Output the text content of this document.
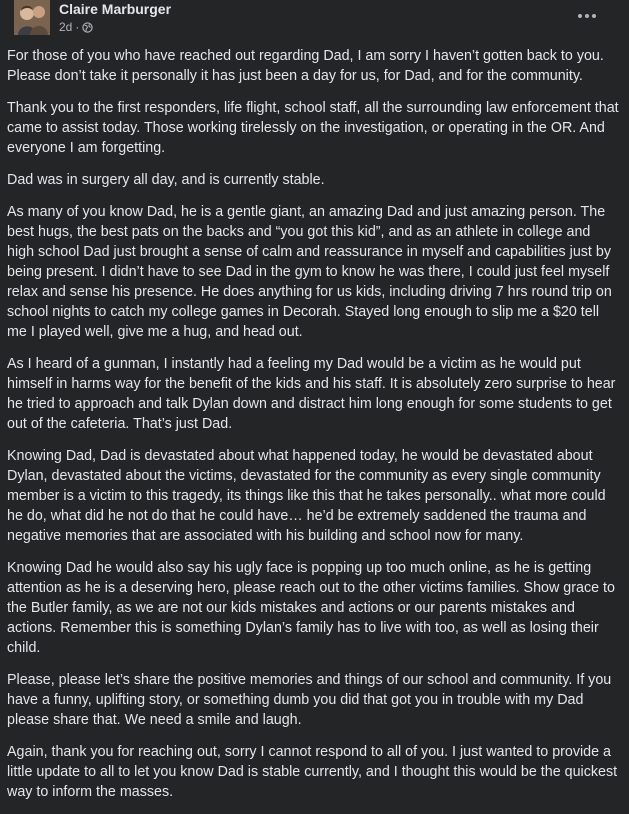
Claire Marburger
2d ·

For those of you who have reached out regarding Dad, I am sorry I haven’t gotten back to you. Please don’t take it personally it has just been a day for us, for Dad, and for the community.

Thank you to the first responders, life flight, school staff, all the surrounding law enforcement that came to assist today. Those working tirelessly on the investigation, or operating in the OR. And everyone I am forgetting.

Dad was in surgery all day, and is currently stable.

As many of you know Dad, he is a gentle giant, an amazing Dad and just amazing person. The best hugs, the best pats on the backs and “you got this kid”, and as an athlete in college and high school Dad just brought a sense of calm and reassurance in myself and capabilities just by being present. I didn’t have to see Dad in the gym to know he was there, I could just feel myself relax and sense his presence. He does anything for us kids, including driving 7 hrs round trip on school nights to catch my college games in Decorah. Stayed long enough to slip me a $20 tell me I played well, give me a hug, and head out.

As I heard of a gunman, I instantly had a feeling my Dad would be a victim as he would put himself in harms way for the benefit of the kids and his staff. It is absolutely zero surprise to hear he tried to approach and talk Dylan down and distract him long enough for some students to get out of the cafeteria. That’s just Dad.

Knowing Dad, Dad is devastated about what happened today, he would be devastated about Dylan, devastated about the victims, devastated for the community as every single community member is a victim to this tragedy, its things like this that he takes personally.. what more could he do, what did he not do that he could have… he’d be extremely saddened the trauma and negative memories that are associated with his building and school now for many.

Knowing Dad he would also say his ugly face is popping up too much online, as he is getting attention as he is a deserving hero, please reach out to the other victims families. Show grace to the Butler family, as we are not our kids mistakes and actions or our parents mistakes and actions. Remember this is something Dylan’s family has to live with too, as well as losing their child.

Please, please let’s share the positive memories and things of our school and community. If you have a funny, uplifting story, or something dumb you did that got you in trouble with my Dad please share that. We need a smile and laugh.

Again, thank you for reaching out, sorry I cannot respond to all of you. I just wanted to provide a little update to all to let you know Dad is stable currently, and I thought this would be the quickest way to inform the masses.
